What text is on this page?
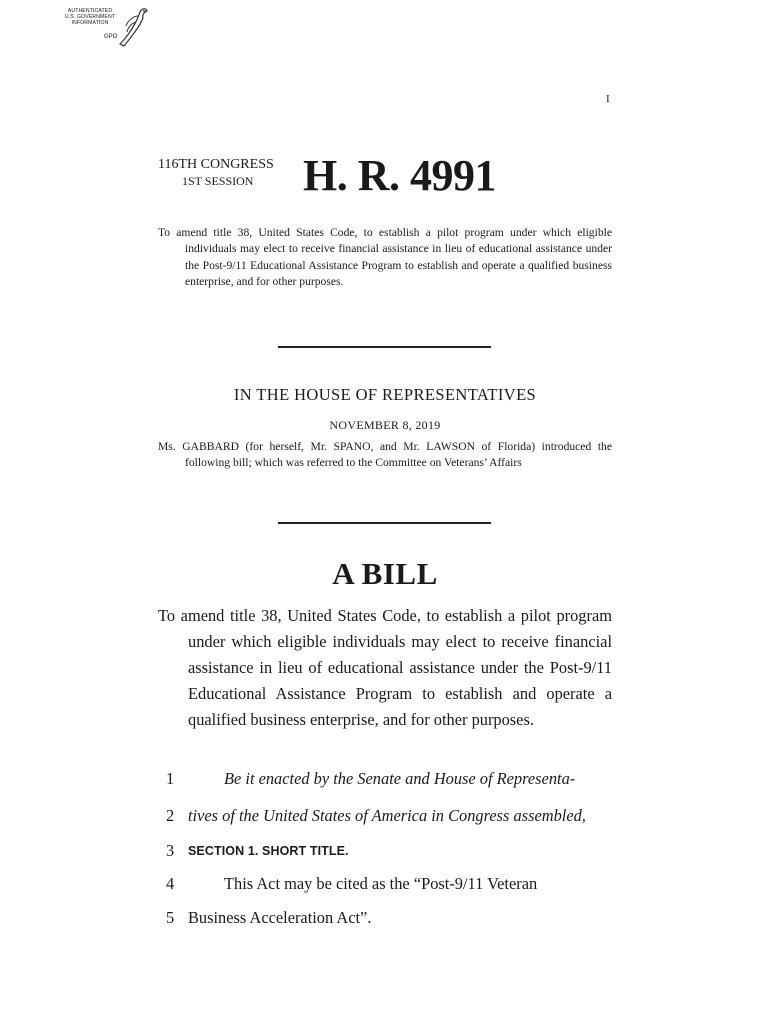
AUTHENTICATED
U.S. GOVERNMENT
INFORMATION
GPO
I
116TH CONGRESS
1ST SESSION	H. R. 4991
To amend title 38, United States Code, to establish a pilot program under which eligible individuals may elect to receive financial assistance in lieu of educational assistance under the Post-9/11 Educational Assistance Program to establish and operate a qualified business enterprise, and for other purposes.
IN THE HOUSE OF REPRESENTATIVES
NOVEMBER 8, 2019
Ms. GABBARD (for herself, Mr. SPANO, and Mr. LAWSON of Florida) introduced the following bill; which was referred to the Committee on Veterans’ Affairs
A BILL
To amend title 38, United States Code, to establish a pilot program under which eligible individuals may elect to receive financial assistance in lieu of educational assistance under the Post-9/11 Educational Assistance Program to establish and operate a qualified business enterprise, and for other purposes.
1	Be it enacted by the Senate and House of Representa-
2 tives of the United States of America in Congress assembled,
3	SECTION 1. SHORT TITLE.
4	This Act may be cited as the “Post-9/11 Veteran
5 Business Acceleration Act”.
